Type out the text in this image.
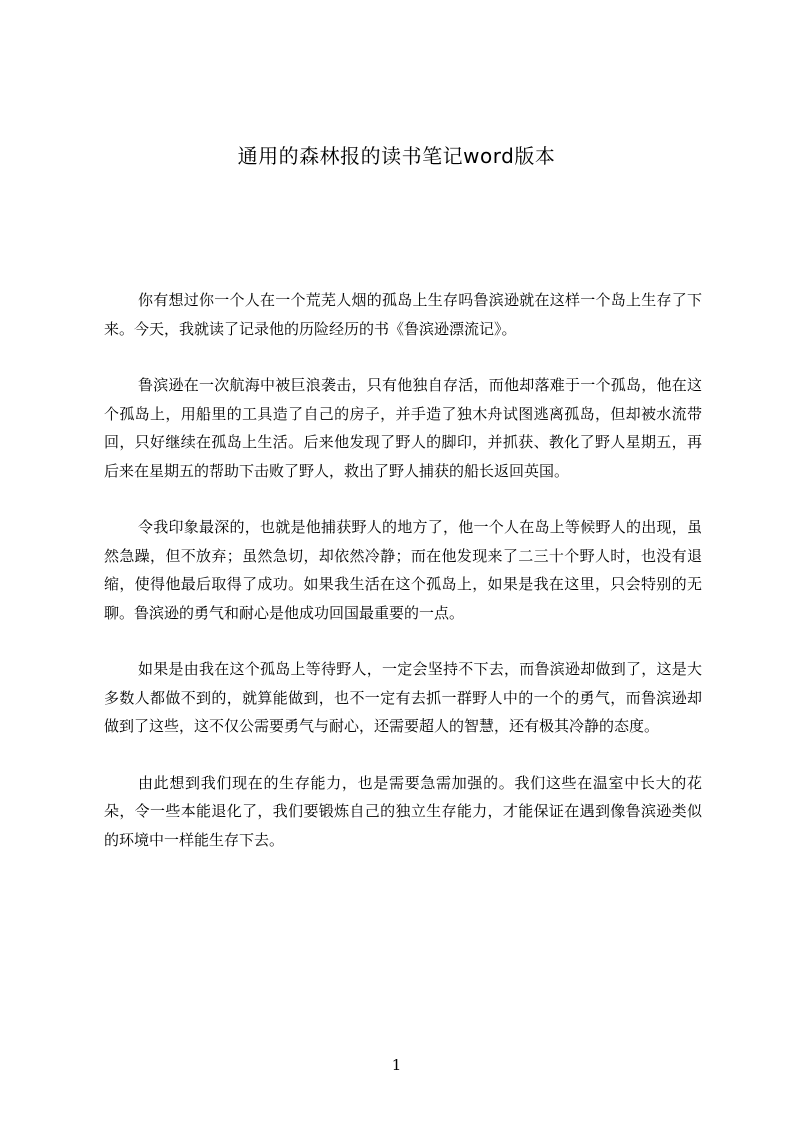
通用的森林报的读书笔记word版本

你有想过你一个人在一个荒芜人烟的孤岛上生存吗鲁滨逊就在这样一个岛上生存了下来。今天，我就读了记录他的历险经历的书《鲁滨逊漂流记》。

鲁滨逊在一次航海中被巨浪袭击，只有他独自存活，而他却落难于一个孤岛，他在这个孤岛上，用船里的工具造了自己的房子，并手造了独木舟试图逃离孤岛，但却被水流带回，只好继续在孤岛上生活。后来他发现了野人的脚印，并抓获、教化了野人星期五，再后来在星期五的帮助下击败了野人，救出了野人捕获的船长返回英国。

令我印象最深的，也就是他捕获野人的地方了，他一个人在岛上等候野人的出现，虽然急躁，但不放弃；虽然急切，却依然冷静；而在他发现来了二三十个野人时，也没有退缩，使得他最后取得了成功。如果我生活在这个孤岛上，如果是我在这里，只会特别的无聊。鲁滨逊的勇气和耐心是他成功回国最重要的一点。

如果是由我在这个孤岛上等待野人，一定会坚持不下去，而鲁滨逊却做到了，这是大多数人都做不到的，就算能做到，也不一定有去抓一群野人中的一个的勇气，而鲁滨逊却做到了这些，这不仅公需要勇气与耐心，还需要超人的智慧，还有极其冷静的态度。

由此想到我们现在的生存能力，也是需要急需加强的。我们这些在温室中长大的花朵，令一些本能退化了，我们要锻炼自己的独立生存能力，才能保证在遇到像鲁滨逊类似的环境中一样能生存下去。

1
